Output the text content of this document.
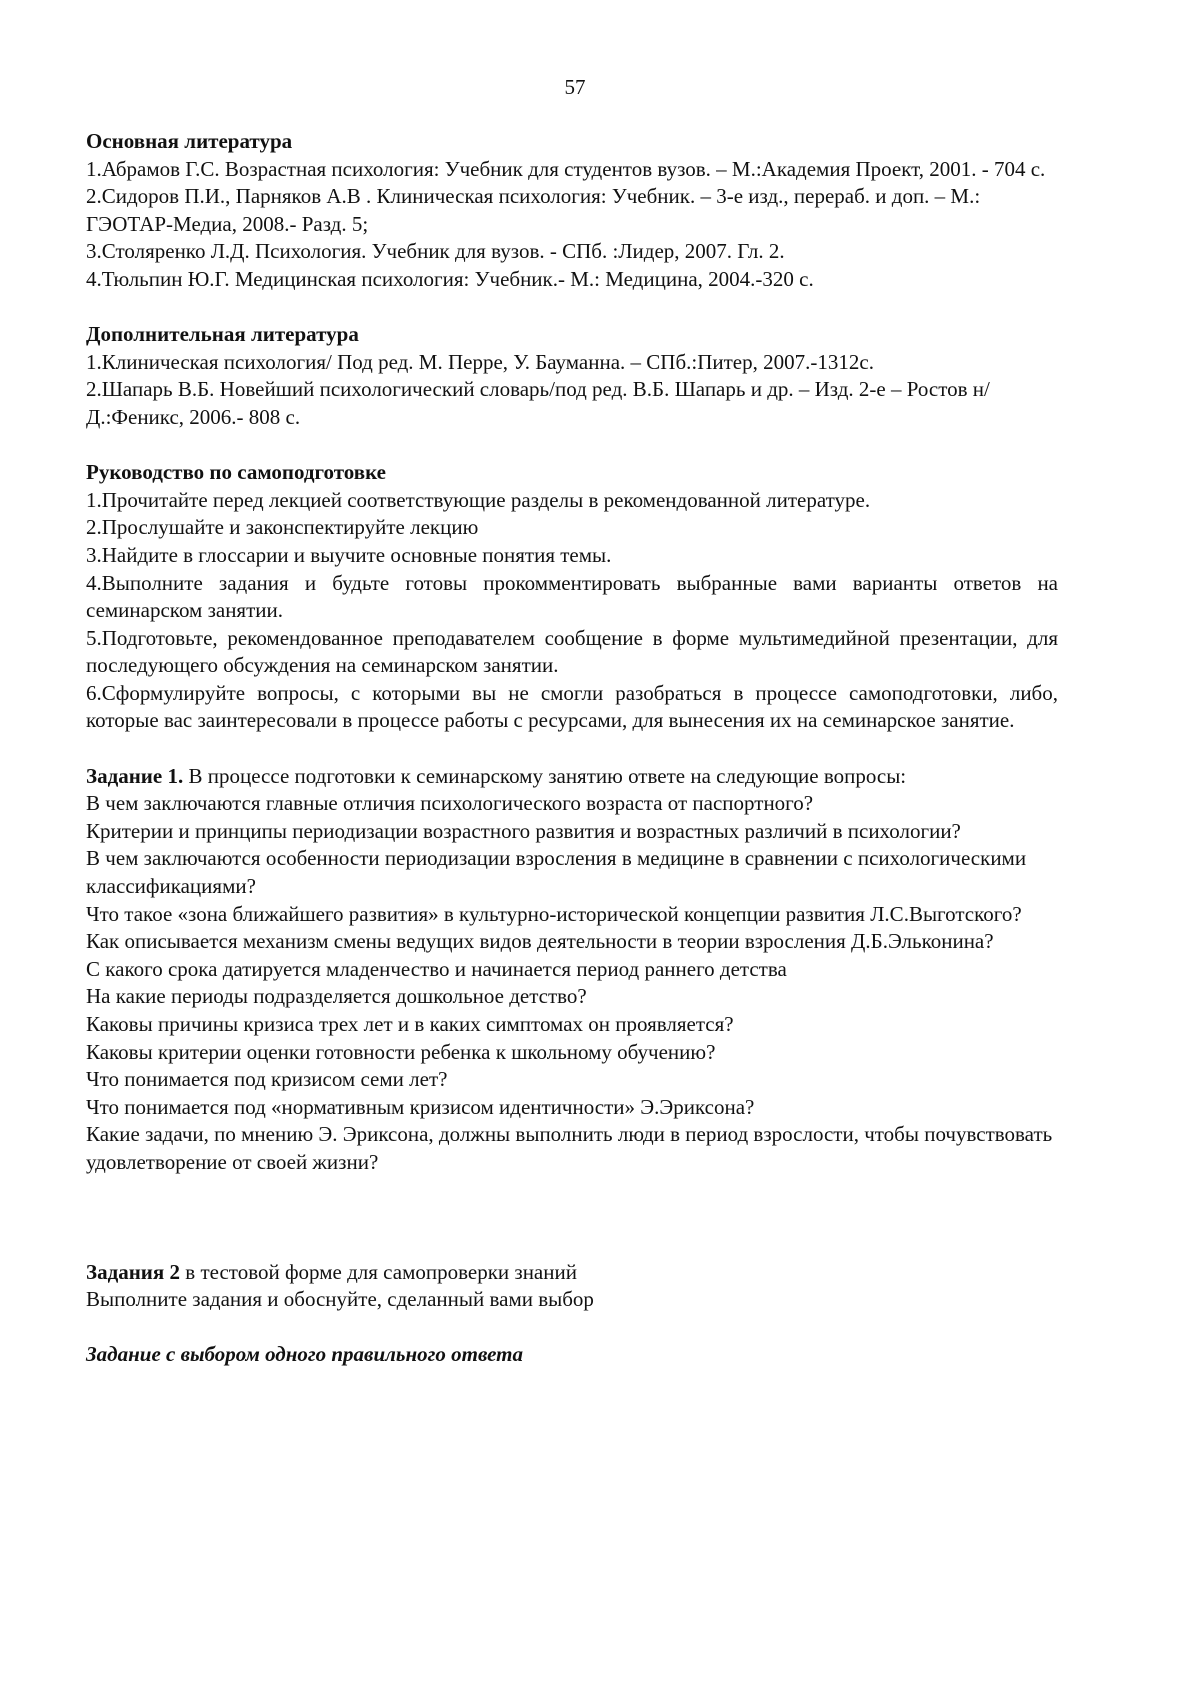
57

Основная литература

1.Абрамов Г.С. Возрастная психология: Учебник для студентов вузов. – М.:Академия Проект, 2001. - 704 с.

2.Сидоров П.И., Парняков А.В . Клиническая психология: Учебник. – 3-е изд., перераб. и доп. – М.: ГЭОТАР-Медиа, 2008.- Разд. 5;

3.Столяренко Л.Д. Психология. Учебник для вузов. - СПб. :Лидер, 2007. Гл. 2.

4.Тюльпин Ю.Г. Медицинская психология: Учебник.- М.: Медицина, 2004.-320 с.

Дополнительная литература

1.Клиническая психология/ Под ред. М. Перре, У. Бауманна. – СПб.:Питер, 2007.-1312с.

2.Шапарь В.Б. Новейший психологический словарь/под ред. В.Б. Шапарь и др. – Изд. 2-е – Ростов н/Д.:Феникс, 2006.- 808 с.

Руководство по самоподготовке

1.Прочитайте перед лекцией соответствующие разделы в рекомендованной литературе.

2.Прослушайте и законспектируйте лекцию

3.Найдите в глоссарии и выучите основные понятия темы.

4.Выполните задания и будьте готовы прокомментировать выбранные вами варианты ответов на семинарском занятии.

5.Подготовьте, рекомендованное преподавателем сообщение в форме мультимедийной презентации, для последующего обсуждения на семинарском занятии.

6.Сформулируйте вопросы, с которыми вы не смогли разобраться в процессе самоподготовки, либо, которые вас заинтересовали в процессе работы с ресурсами, для вынесения их на семинарское занятие.

Задание 1. В процессе подготовки к семинарскому занятию ответе на следующие вопросы:

В чем заключаются главные отличия психологического возраста от паспортного?

Критерии и принципы периодизации возрастного развития и возрастных различий в психологии?

В чем заключаются особенности периодизации взросления в медицине в сравнении с психологическими классификациями?

Что такое «зона ближайшего развития» в культурно-исторической концепции развития Л.С.Выготского?

Как описывается механизм смены ведущих видов деятельности в теории взросления Д.Б.Эльконина?

С какого срока датируется младенчество и начинается период раннего детства

На какие периоды подразделяется дошкольное детство?

Каковы причины кризиса трех лет и в каких симптомах он проявляется?

Каковы критерии оценки готовности ребенка к школьному обучению?

Что понимается под кризисом семи лет?

Что понимается под «нормативным кризисом идентичности» Э.Эриксона?

Какие задачи, по мнению Э. Эриксона, должны выполнить люди в период взрослости, чтобы почувствовать удовлетворение от своей жизни?

Задания 2 в тестовой форме для самопроверки знаний

Выполните задания и обоснуйте, сделанный вами выбор

Задание с выбором одного правильного ответа
